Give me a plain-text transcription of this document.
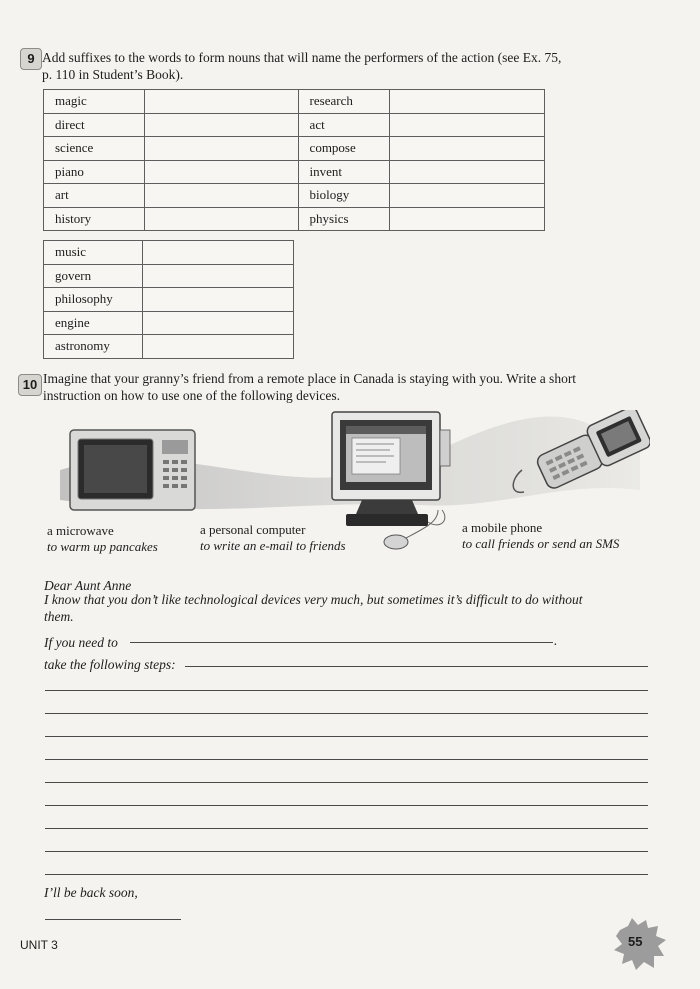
9 Add suffixes to the words to form nouns that will name the performers of the action (see Ex. 75,
p. 110 in Student’s Book).
magic		research	
direct		act	
science		compose	
piano		invent	
art		biology	
history		physics	
music	
govern	
philosophy	
engine	
astronomy	
10 Imagine that your granny’s friend from a remote place in Canada is staying with you. Write a short
instruction on how to use one of the following devices.
a microwave
to warm up pancakes
a personal computer
to write an e-mail to friends
a mobile phone
to call friends or send an SMS
Dear Aunt Anne
I know that you don’t like technological devices very much, but sometimes it’s difficult to do without
them.
If you need to	.
take the following steps:
I’ll be back soon,
UNIT 3	55
